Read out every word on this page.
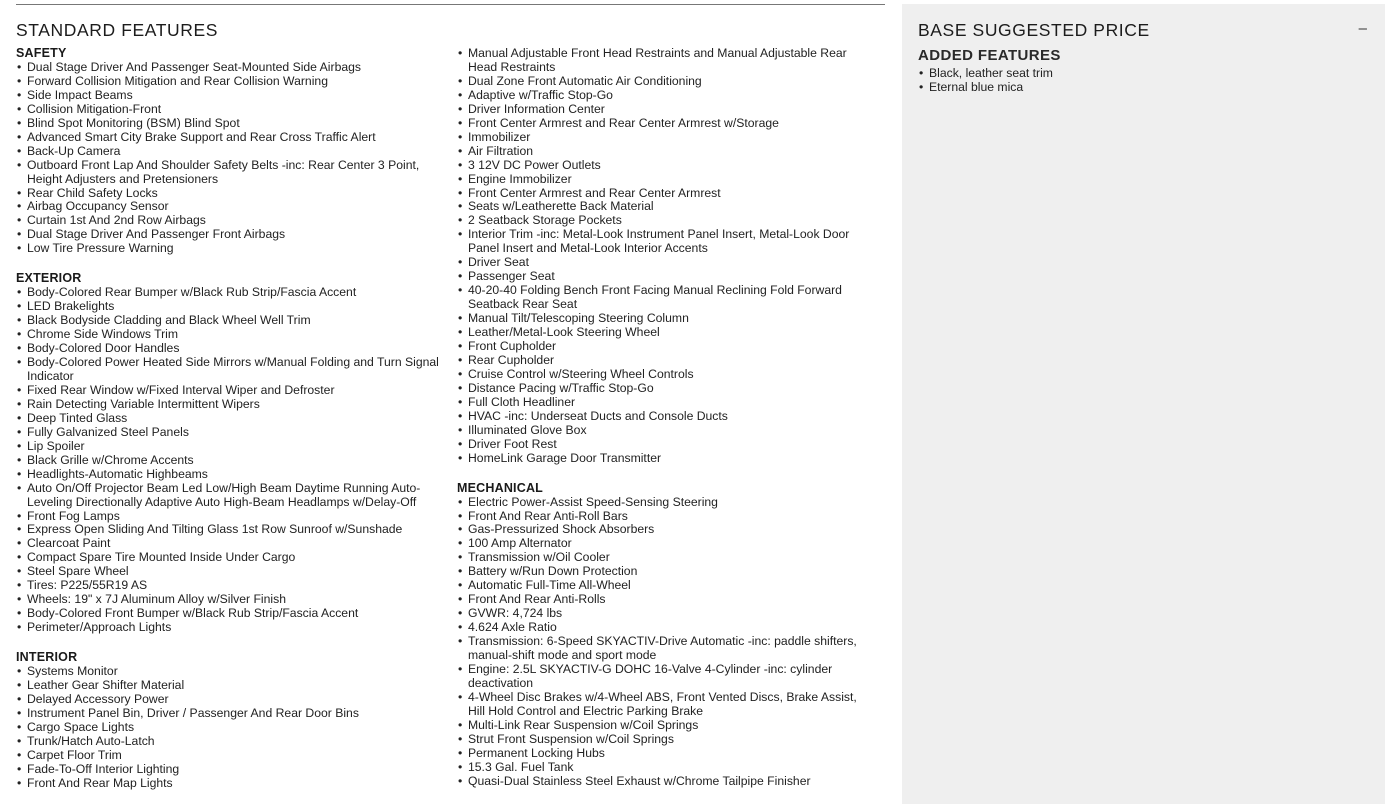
STANDARD FEATURES
SAFETY
• Dual Stage Driver And Passenger Seat-Mounted Side Airbags
• Forward Collision Mitigation and Rear Collision Warning
• Side Impact Beams
• Collision Mitigation-Front
• Blind Spot Monitoring (BSM) Blind Spot
• Advanced Smart City Brake Support and Rear Cross Traffic Alert
• Back-Up Camera
• Outboard Front Lap And Shoulder Safety Belts -inc: Rear Center 3 Point, Height Adjusters and Pretensioners
• Rear Child Safety Locks
• Airbag Occupancy Sensor
• Curtain 1st And 2nd Row Airbags
• Dual Stage Driver And Passenger Front Airbags
• Low Tire Pressure Warning
EXTERIOR
• Body-Colored Rear Bumper w/Black Rub Strip/Fascia Accent
• LED Brakelights
• Black Bodyside Cladding and Black Wheel Well Trim
• Chrome Side Windows Trim
• Body-Colored Door Handles
• Body-Colored Power Heated Side Mirrors w/Manual Folding and Turn Signal Indicator
• Fixed Rear Window w/Fixed Interval Wiper and Defroster
• Rain Detecting Variable Intermittent Wipers
• Deep Tinted Glass
• Fully Galvanized Steel Panels
• Lip Spoiler
• Black Grille w/Chrome Accents
• Headlights-Automatic Highbeams
• Auto On/Off Projector Beam Led Low/High Beam Daytime Running Auto-Leveling Directionally Adaptive Auto High-Beam Headlamps w/Delay-Off
• Front Fog Lamps
• Express Open Sliding And Tilting Glass 1st Row Sunroof w/Sunshade
• Clearcoat Paint
• Compact Spare Tire Mounted Inside Under Cargo
• Steel Spare Wheel
• Tires: P225/55R19 AS
• Wheels: 19" x 7J Aluminum Alloy w/Silver Finish
• Body-Colored Front Bumper w/Black Rub Strip/Fascia Accent
• Perimeter/Approach Lights
INTERIOR
• Systems Monitor
• Leather Gear Shifter Material
• Delayed Accessory Power
• Instrument Panel Bin, Driver / Passenger And Rear Door Bins
• Cargo Space Lights
• Trunk/Hatch Auto-Latch
• Carpet Floor Trim
• Fade-To-Off Interior Lighting
• Front And Rear Map Lights
• Manual Adjustable Front Head Restraints and Manual Adjustable Rear Head Restraints
• Dual Zone Front Automatic Air Conditioning
• Adaptive w/Traffic Stop-Go
• Driver Information Center
• Front Center Armrest and Rear Center Armrest w/Storage
• Immobilizer
• Air Filtration
• 3 12V DC Power Outlets
• Engine Immobilizer
• Front Center Armrest and Rear Center Armrest
• Seats w/Leatherette Back Material
• 2 Seatback Storage Pockets
• Interior Trim -inc: Metal-Look Instrument Panel Insert, Metal-Look Door Panel Insert and Metal-Look Interior Accents
• Driver Seat
• Passenger Seat
• 40-20-40 Folding Bench Front Facing Manual Reclining Fold Forward Seatback Rear Seat
• Manual Tilt/Telescoping Steering Column
• Leather/Metal-Look Steering Wheel
• Front Cupholder
• Rear Cupholder
• Cruise Control w/Steering Wheel Controls
• Distance Pacing w/Traffic Stop-Go
• Full Cloth Headliner
• HVAC -inc: Underseat Ducts and Console Ducts
• Illuminated Glove Box
• Driver Foot Rest
• HomeLink Garage Door Transmitter
MECHANICAL
• Electric Power-Assist Speed-Sensing Steering
• Front And Rear Anti-Roll Bars
• Gas-Pressurized Shock Absorbers
• 100 Amp Alternator
• Transmission w/Oil Cooler
• Battery w/Run Down Protection
• Automatic Full-Time All-Wheel
• Front And Rear Anti-Rolls
• GVWR: 4,724 lbs
• 4.624 Axle Ratio
• Transmission: 6-Speed SKYACTIV-Drive Automatic -inc: paddle shifters, manual-shift mode and sport mode
• Engine: 2.5L SKYACTIV-G DOHC 16-Valve 4-Cylinder -inc: cylinder deactivation
• 4-Wheel Disc Brakes w/4-Wheel ABS, Front Vented Discs, Brake Assist, Hill Hold Control and Electric Parking Brake
• Multi-Link Rear Suspension w/Coil Springs
• Strut Front Suspension w/Coil Springs
• Permanent Locking Hubs
• 15.3 Gal. Fuel Tank
• Quasi-Dual Stainless Steel Exhaust w/Chrome Tailpipe Finisher
BASE SUGGESTED PRICE	–
ADDED FEATURES
• Black, leather seat trim
• Eternal blue mica
